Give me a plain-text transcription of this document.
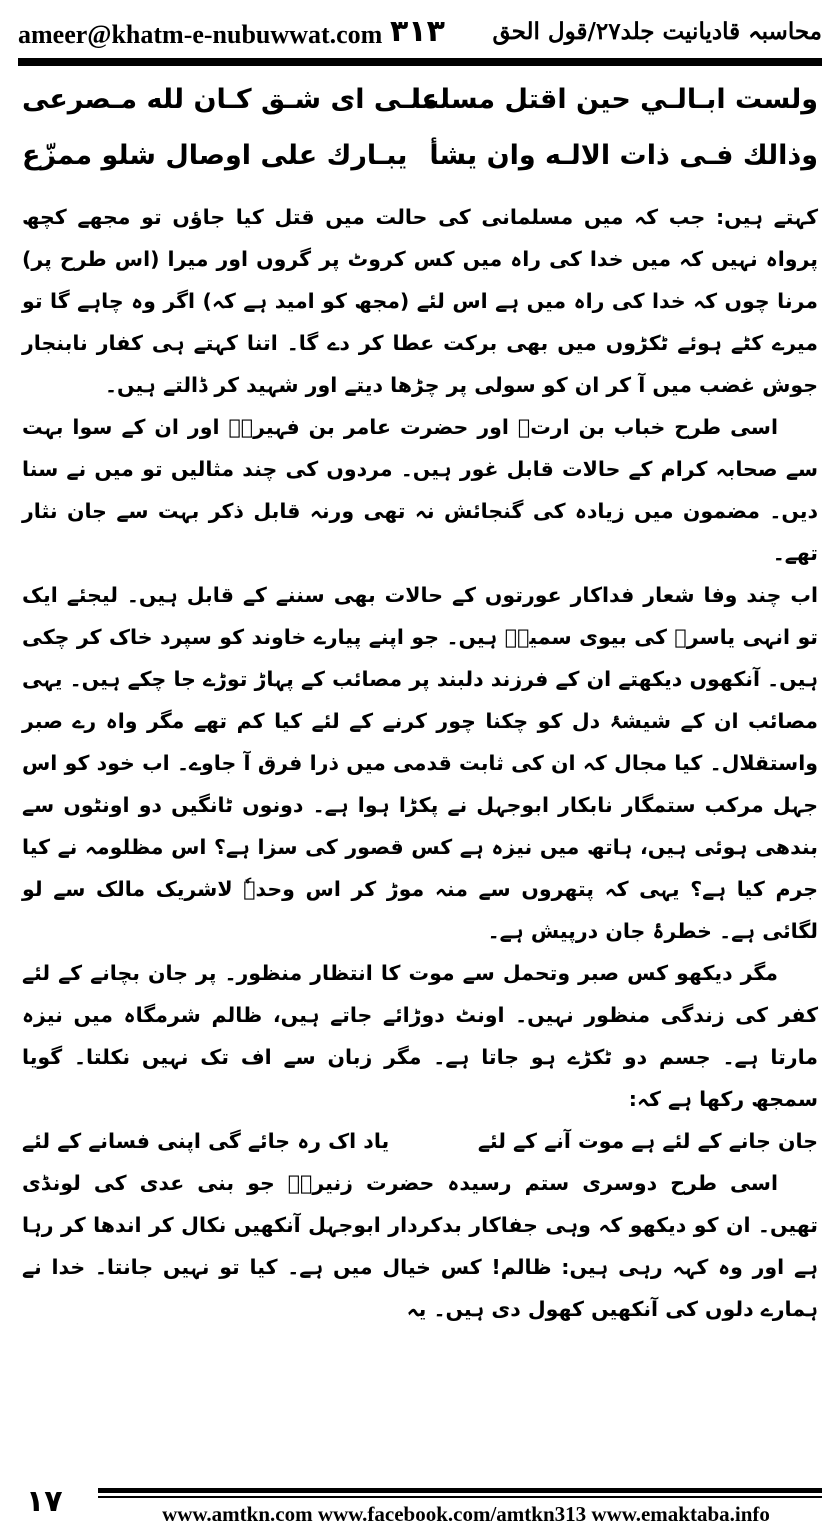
ameer@khatm-e-nubuwwat.com ۳۱۳ محاسبہ قادیانیت جلد۲۷/قول الحق
ولست ابـالـي حين اقتل مسلما
علـى اى شـق كـان لله مـصرعى
وذالك فـى ذات الالـه وان يشأ
يبـارك على اوصال شلو ممزّع

کہتے ہیں: جب کہ میں مسلمانی کی حالت میں قتل کیا جاؤں تو مجھے کچھ پرواہ نہیں کہ میں خدا کی راہ میں کس کروٹ پر گروں اور میرا (اس طرح پر) مرنا چوں کہ خدا کی راہ میں ہے اس لئے (مجھ کو امید ہے کہ) اگر وہ چاہے گا تو میرے کٹے ہوئے ٹکڑوں میں بھی برکت عطا کر دے گا۔ اتنا کہتے ہی کفار نابنجار جوش غضب میں آ کر ان کو سولی پر چڑھا دیتے اور شہید کر ڈالتے ہیں۔

اسی طرح خباب بن ارتؓ اور حضرت عامر بن فہیرہؓ اور ان کے سوا بہت سے صحابہ کرام کے حالات قابل غور ہیں۔ مردوں کی چند مثالیں تو میں نے سنا دیں۔ مضمون میں زیادہ کی گنجائش نہ تھی ورنہ قابل ذکر بہت سے جان نثار تھے۔

اب چند وفا شعار فداکار عورتوں کے حالات بھی سننے کے قابل ہیں۔ لیجئے ایک تو انہی یاسرؓ کی بیوی سمیہؓ ہیں۔ جو اپنے پیارے خاوند کو سپرد خاک کر چکی ہیں۔ آنکھوں دیکھتے ان کے فرزند دلبند پر مصائب کے پہاڑ توڑے جا چکے ہیں۔ یہی مصائب ان کے شیشۂ دل کو چکنا چور کرنے کے لئے کیا کم تھے مگر واہ رے صبر واستقلال۔ کیا مجال کہ ان کی ثابت قدمی میں ذرا فرق آ جاوے۔ اب خود کو اس جہل مرکب ستمگار نابکار ابوجہل نے پکڑا ہوا ہے۔ دونوں ٹانگیں دو اونٹوں سے بندھی ہوئی ہیں، ہاتھ میں نیزہ ہے کس قصور کی سزا ہے؟ اس مظلومہ نے کیا جرم کیا ہے؟ یہی کہ پتھروں سے منہ موڑ کر اس وحدہٗ لاشریک مالک سے لو لگائی ہے۔ خطرۂ جان درپیش ہے۔

مگر دیکھو کس صبر وتحمل سے موت کا انتظار منظور۔ پر جان بچانے کے لئے کفر کی زندگی منظور نہیں۔ اونٹ دوڑائے جاتے ہیں، ظالم شرمگاہ میں نیزہ مارتا ہے۔ جسم دو ٹکڑے ہو جاتا ہے۔ مگر زبان سے اف تک نہیں نکلتا۔ گویا سمجھ رکھا ہے کہ:

جان جانے کے لئے ہے موت آنے کے لئے
یاد اک رہ جائے گی اپنی فسانے کے لئے

اسی طرح دوسری ستم رسیدہ حضرت زنیرہؓ جو بنی عدی کی لونڈی تھیں۔ ان کو دیکھو کہ وہی جفاکار بدکردار ابوجہل آنکھیں نکال کر اندھا کر رہا ہے اور وہ کہہ رہی ہیں: ظالم! کس خیال میں ہے۔ کیا تو نہیں جانتا۔ خدا نے ہمارے دلوں کی آنکھیں کھول دی ہیں۔ یہ

۱۷	www.amtkn.com www.facebook.com/amtkn313 www.emaktaba.info
